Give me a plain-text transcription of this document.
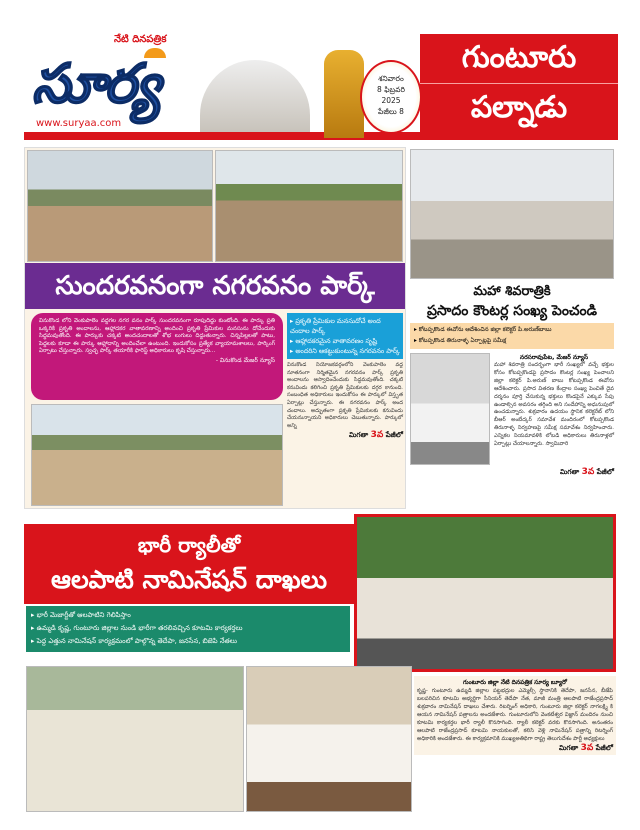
నేటి దినపత్రిక
సూర్య
www.suryaa.com
శనివారం
8 ఫిబ్రవరి
2025
పేజీలు 8
గుంటూరు
పల్నాడు
సుందరవనంగా నగరవనం పార్క్
వినుకొండ లోని వెంకుపాలెం వద్దగల నగర వనం పార్క్ సుందరవనంగా రూపుదిద్దు కుంటోంది. ఈ పార్కు ప్రతి ఒక్కరికి ప్రకృతి అందాలను, ఆహ్లాదకర వాతావరణాన్ని అందించి ప్రకృతి ప్రేమికుల మనసును దోచేందుకు సిద్ధమవుతోంది. ఈ పార్కుకు చక్కటి అందచందాలతో శోభ లుగులు దిద్దుతున్నారు. చిన్నపిల్లలతో పాటు, పెద్దలకు కూడా ఈ పార్కు ఆహ్లాదాన్ని అందించేలా ఉంటుంది. ఇందుకోసం ప్రత్యేక వ్యాయామశాలలు, పార్కింగ్ ఏర్పాటు చేస్తున్నారు. స్వచ్ఛ పార్క్ తయారీకి ఫారెస్ట్ అధికారులు కృషి చేస్తున్నారు...
- వినుకొండ మేజర్ న్యూస్
▸ ప్రకృతి ప్రేమికుల మనసుదోచే అంద చందాల పార్క్
▸ ఆహ్లాదకరమైన వాతావరణం సృష్టి
▸ అందరిని ఆకట్టుకుంటున్న నగరవనం పార్క్
వినుకొండ నియోజకవర్గంలోని వెంకుపాలెం వద్ద నూతనంగా నిర్మితమైన నగరవనం పార్క్ ప్రకృతి అందాలను ఆస్వాదించేందుకు సిద్ధమవుతోంది. చక్కటి కనువిందు కలిగించి ప్రకృతి ప్రేమికులకు దగ్గర కానుంది. సంబంధిత అధికారులు ఇందుకోసం ఈ పార్కులో విస్తృత ఏర్పాట్లు చేస్తున్నారు. ఈ నగరవనం పార్క్ అంద చందాలు. అద్భుతంగా ప్రకృతి ప్రేమికులకు కనువిందు చేయనున్నాయని అధికారులు చెబుతున్నారు. పార్కులో అన్ని
మిగతా 3వ పేజీలో
మహా శివరాత్రికి
ప్రసాదం కౌంటర్ల సంఖ్య పెంచండి
▸ కోటప్పకొండ ఈవోను ఆదేశించిన జిల్లా కలెక్టర్ పి.అరుణ్‌బాబు
▸ కోటప్పకొండ తిరునాళ్ళ ఏర్పాట్లపై సమీక్ష
నరసరావుపేట, మేజర్ న్యూస్
మహా శివరాత్రి సందర్భంగా భారీ సంఖ్యలో వచ్చే భక్తుల కోసం కోటప్పకొండపై ప్రసాదం కౌంటర్ల సంఖ్య పెంచాలని జిల్లా కలెక్టర్ పి.అరుణ్ బాబు కోటప్పకొండ ఈవోను ఆదేశించారు. ప్రసాద వితరణ కేంద్రాల సంఖ్య పెంచితే దైవ దర్శనం పూర్తి చేసుకున్న భక్తులు కొండపైనే ఎక్కువ సేపు ఉండాల్సిన అవసరం తగ్గింది అని సందేహాన్ని అధునుపులో ఉంచడున్నారు. శుక్రవారం ఉదయం స్థానిక కలెక్టరేట్ లోని బీఆర్ అంబేద్కర్ సమావేశ మందిరంలో కోటప్పకొండ తిరునాళ్ళ నిర్వహణపై సమీక్ష సమావేశం నిర్వహించారు. ఎన్నికల నియమావళికి లోబడి అధికారులు తిరునాళ్లలో ఏర్పాట్లు చేయాలన్నారు. స్వామివారి
మిగతా 3వ పేజీలో
భారీ ర్యాలీతో
ఆలపాటి నామినేషన్ దాఖలు
▸ భారీ మెజార్టీతో ఆలపాటిని గెలిపిస్తాం
▸ ఉమ్మడి కృష్ణ, గుంటూరు జిల్లాల నుండి భారీగా తరలివచ్చిన కూటమి కార్యకర్తలు
▸ పెద్ద ఎత్తున నామినేషన్ కార్యక్రమంలో పాల్గొన్న తెదేపా, జనసేన, బిజెపి నేతలు
గుంటూరు జిల్లా నేటి దినపత్రిక సూర్య బ్యూరో
కృష్ణ- గుంటూరు ఉమ్మడి జిల్లాల పట్టభద్రుల ఎమ్మెల్సీ స్థానానికి తెదేపా, జనసేన, బీజేపి బలపరిచిన కూటమి అభ్యర్థిగా సీనియర్ తెదేపా నేత, మాజీ మంత్రి ఆలపాటి రాజేంద్రప్రసాద్ శుక్రవారం నామినేషన్ దాఖలు చేశారు. రిటర్నింగ్ అధికారి, గుంటూరు జిల్లా కలెక్టర్ నాగలక్ష్మి కి ఆయన నామినేషన్ పత్రాలను అందజేశారు. గుంటూరులోని వెంకటేశ్వర విజ్ఞాన్ మందిరం నుంచి కూటమి కార్యకర్తల భారీ ర్యాలీ కొనసాగింది. ర్యాలీ కలెక్టర్ వరకు కొనసాగింది. అనంతరం ఆలపాటి రాజేంద్రప్రసాద్ కూటమి నాయకులతో, కలిసి వెళ్లి నామినేషన్ పత్రాన్ని రిటర్నింగ్ అధికారికి అందజేశారు. ఈ కార్యక్రమానికి ముఖ్యఅతిథిగా రాష్ట్ర తెలుగుదేశం పార్టీ అధ్యక్షులు
మిగతా 3వ పేజీలో
